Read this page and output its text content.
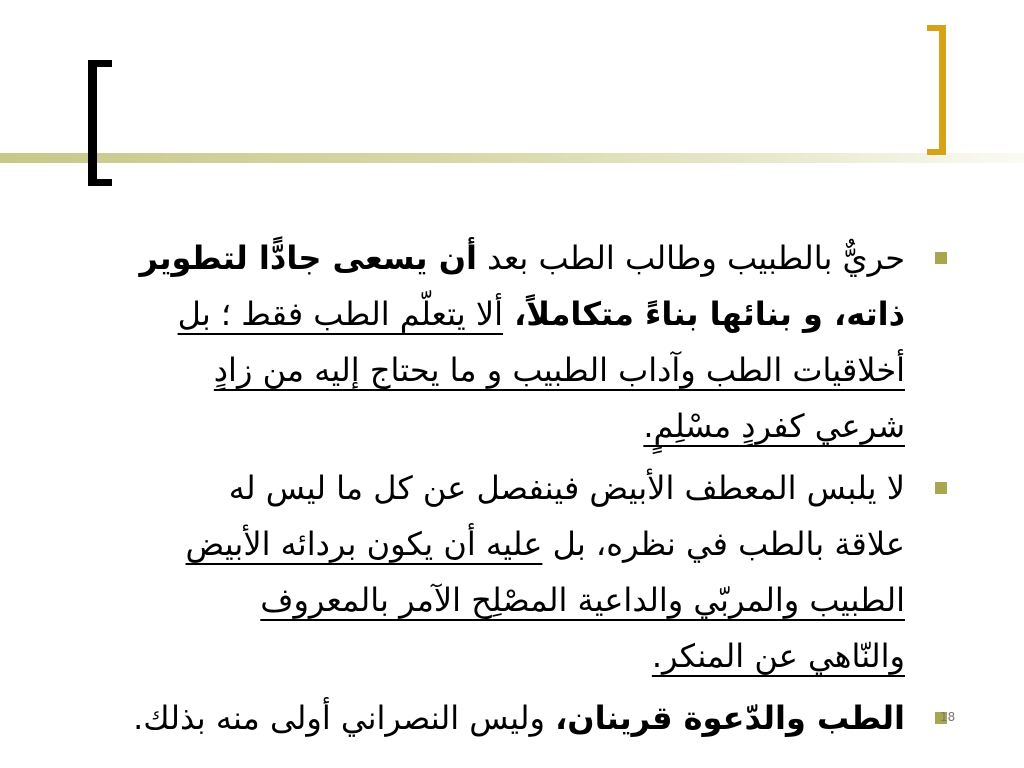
حريٌّ بالطبيب وطالب الطب بعد أن يسعى جادًّا لتطوير
ذاته، و بنائها بناءً متكاملاً، ألا يتعلّم الطب فقط ؛ بل
أخلاقيات الطب وآداب الطبيب و ما يحتاج إليه من زادٍ
شرعي كفردٍ مسْلِمٍ.
لا يلبس المعطف الأبيض فينفصل عن كل ما ليس له
علاقة بالطب في نظره، بل عليه أن يكون بردائه الأبيض
الطبيب والمربّي والداعية المصْلِح الآمر بالمعروف
والنّاهي عن المنكر.
الطب والدّعوة قرينان، وليس النصراني أولى منه بذلك.	18
